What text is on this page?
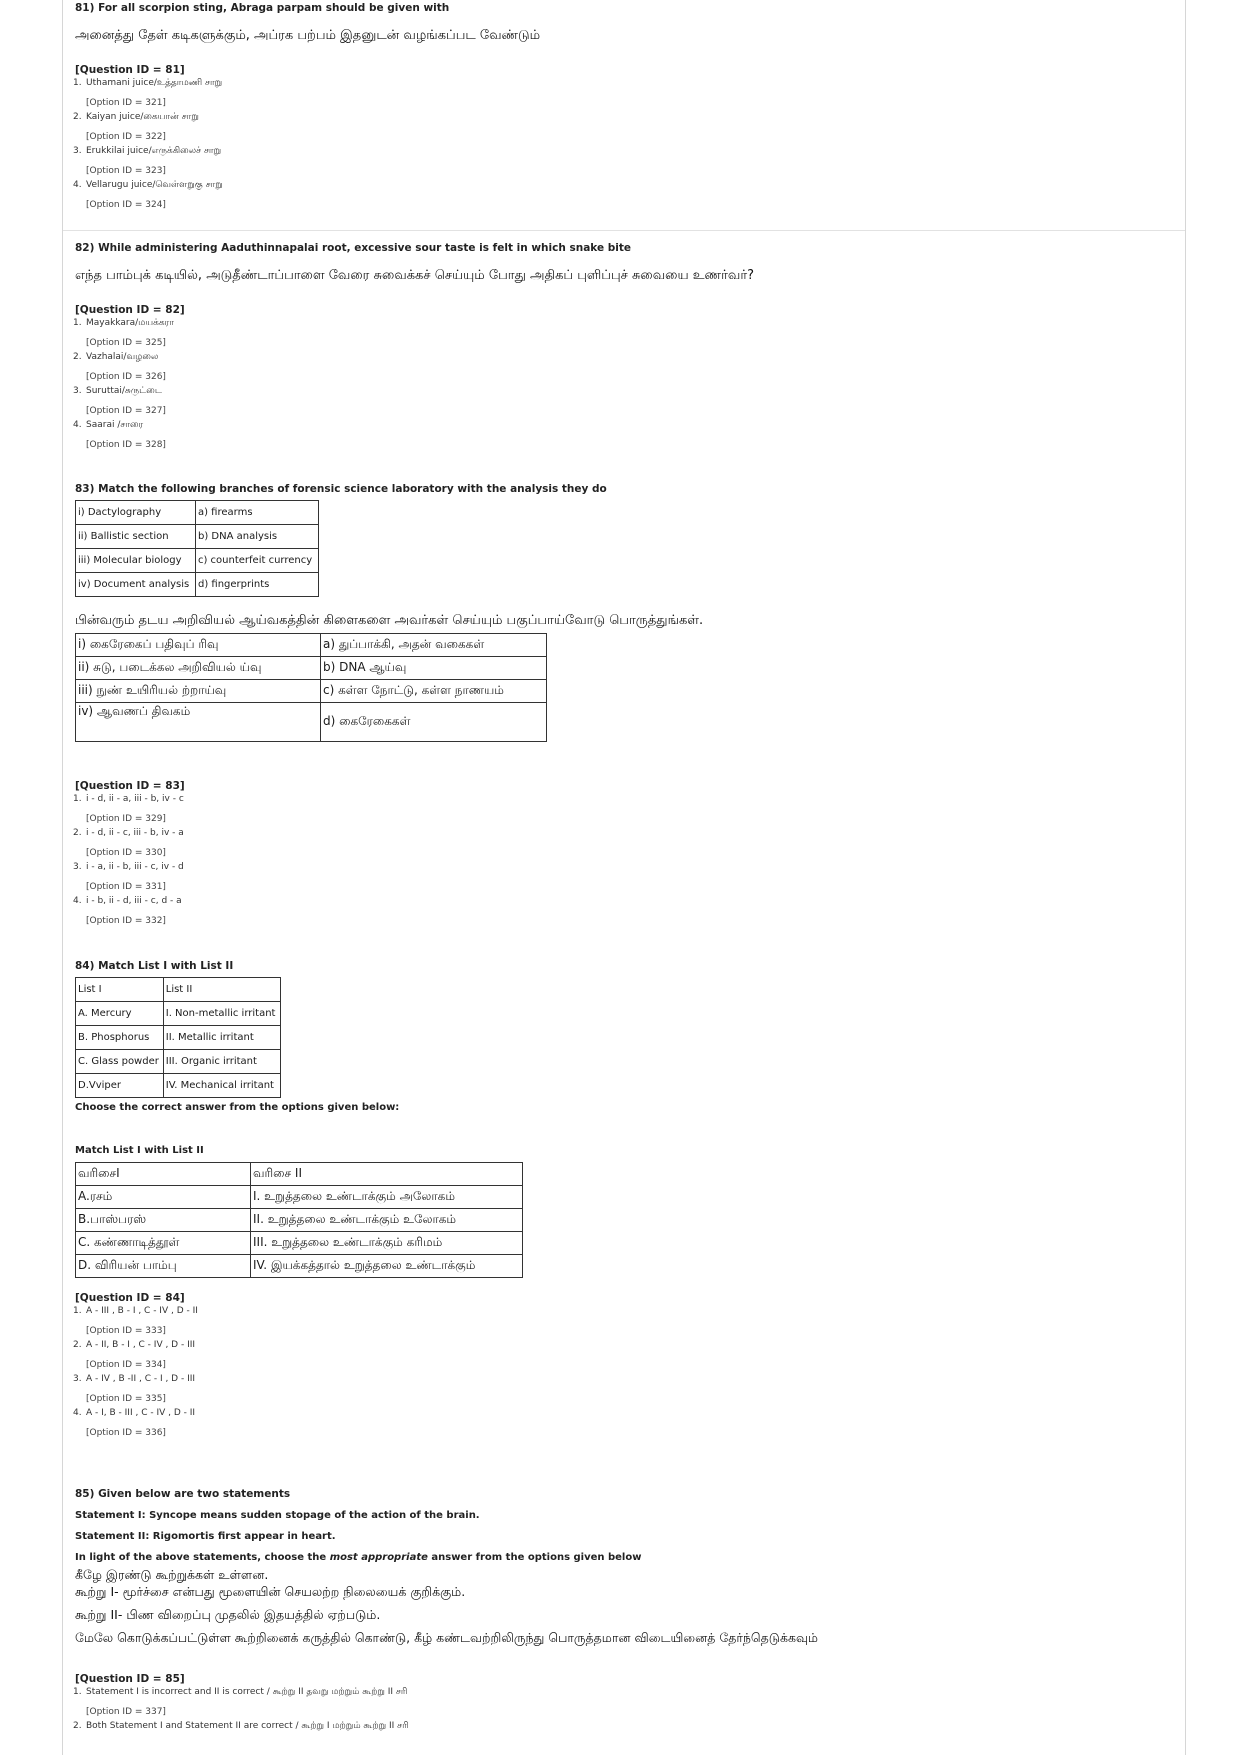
81) For all scorpion sting, Abraga parpam should be given with
அனைத்து தேள் கடிகளுக்கும், அப்ரக பற்பம் இதனுடன் வழங்கப்பட வேண்டும்
[Question ID = 81]
1. Uthamani juice/உத்தாமணி சாறு
[Option ID = 321]
2. Kaiyan juice/கையான் சாறு
[Option ID = 322]
3. Erukkilai juice/எருக்கிலைச் சாறு
[Option ID = 323]
4. Vellarugu juice/வெள்ளறுகு சாறு
[Option ID = 324]
82) While administering Aaduthinnapalai root, excessive sour taste is felt in which snake bite
எந்த பாம்புக் கடியில், அடுதீண்டாப்பாளை வேரை சுவைக்கச் செய்யும் போது அதிகப் புளிப்புச் சுவையை உணர்வர்?
[Question ID = 82]
1. Mayakkara/மயக்கரா
[Option ID = 325]
2. Vazhalai/வழலை
[Option ID = 326]
3. Suruttai/சுருட்டை
[Option ID = 327]
4. Saarai /சாரை
[Option ID = 328]
83) Match the following branches of forensic science laboratory with the analysis they do
i) Dactylography	a) firearms
ii) Ballistic section	b) DNA analysis
iii) Molecular biology	c) counterfeit currency
iv) Document analysis	d) fingerprints
பின்வரும் தடய அறிவியல் ஆய்வகத்தின் கிளைகளை அவர்கள் செய்யும் பகுப்பாய்வோடு பொருத்துங்கள்.
i) கைரேகைப் பதிவுப் ரிவு	a) துப்பாக்கி, அதன் வகைகள்
ii) சுடு, படைக்கல அறிவியல் ய்வு	b) DNA ஆய்வு
iii) நுண் உயிரியல் ற்றாய்வு	c) கள்ள நோட்டு, கள்ள நாணயம்
iv) ஆவணப் திவகம்	d) கைரேகைகள்
[Question ID = 83]
1. i - d, ii - a, iii - b, iv - c
[Option ID = 329]
2. i - d, ii - c, iii - b, iv - a
[Option ID = 330]
3. i - a, ii - b, iii - c, iv - d
[Option ID = 331]
4. i - b, ii - d, iii - c, d - a
[Option ID = 332]
84) Match List I with List II
List I	List II
A. Mercury	I. Non-metallic irritant
B. Phosphorus	II. Metallic irritant
C. Glass powder	III. Organic irritant
D.Vviper	IV. Mechanical irritant
Choose the correct answer from the options given below:
Match List I with List II
வரிசைI	வரிசை II
A.ரசம்	I. உறுத்தலை உண்டாக்கும் அலோகம்
B.பாஸ்பரஸ்	II. உறுத்தலை உண்டாக்கும் உலோகம்
C. கண்ணாடித்தூள்	III. உறுத்தலை உண்டாக்கும் கரிமம்
D. விரியன் பாம்பு	IV. இயக்கத்தால் உறுத்தலை உண்டாக்கும்
[Question ID = 84]
1. A - III , B - I , C - IV , D - II
[Option ID = 333]
2. A - II, B - I , C - IV , D - III
[Option ID = 334]
3. A - IV , B -II , C - I , D - III
[Option ID = 335]
4. A - I, B - III , C - IV , D - II
[Option ID = 336]
85) Given below are two statements
Statement I: Syncope means sudden stopage of the action of the brain.
Statement II: Rigomortis first appear in heart.
In light of the above statements, choose the most appropriate answer from the options given below
கீழே இரண்டு கூற்றுக்கள் உள்ளன.
கூற்று I- மூர்ச்சை என்பது மூளையின் செயலற்ற நிலையைக் குறிக்கும்.
கூற்று II- பிண விறைப்பு முதலில் இதயத்தில் ஏற்படும்.
மேலே கொடுக்கப்பட்டுள்ள கூற்றினைக் கருத்தில் கொண்டு, கீழ் கண்டவற்றிலிருந்து பொருத்தமான விடையினைத் தேர்ந்தெடுக்கவும்
[Question ID = 85]
1. Statement I is incorrect and II is correct / கூற்று II தவறு மற்றும் கூற்று II சரி
[Option ID = 337]
2. Both Statement I and Statement II are correct / கூற்று I மற்றும் கூற்று II சரி
